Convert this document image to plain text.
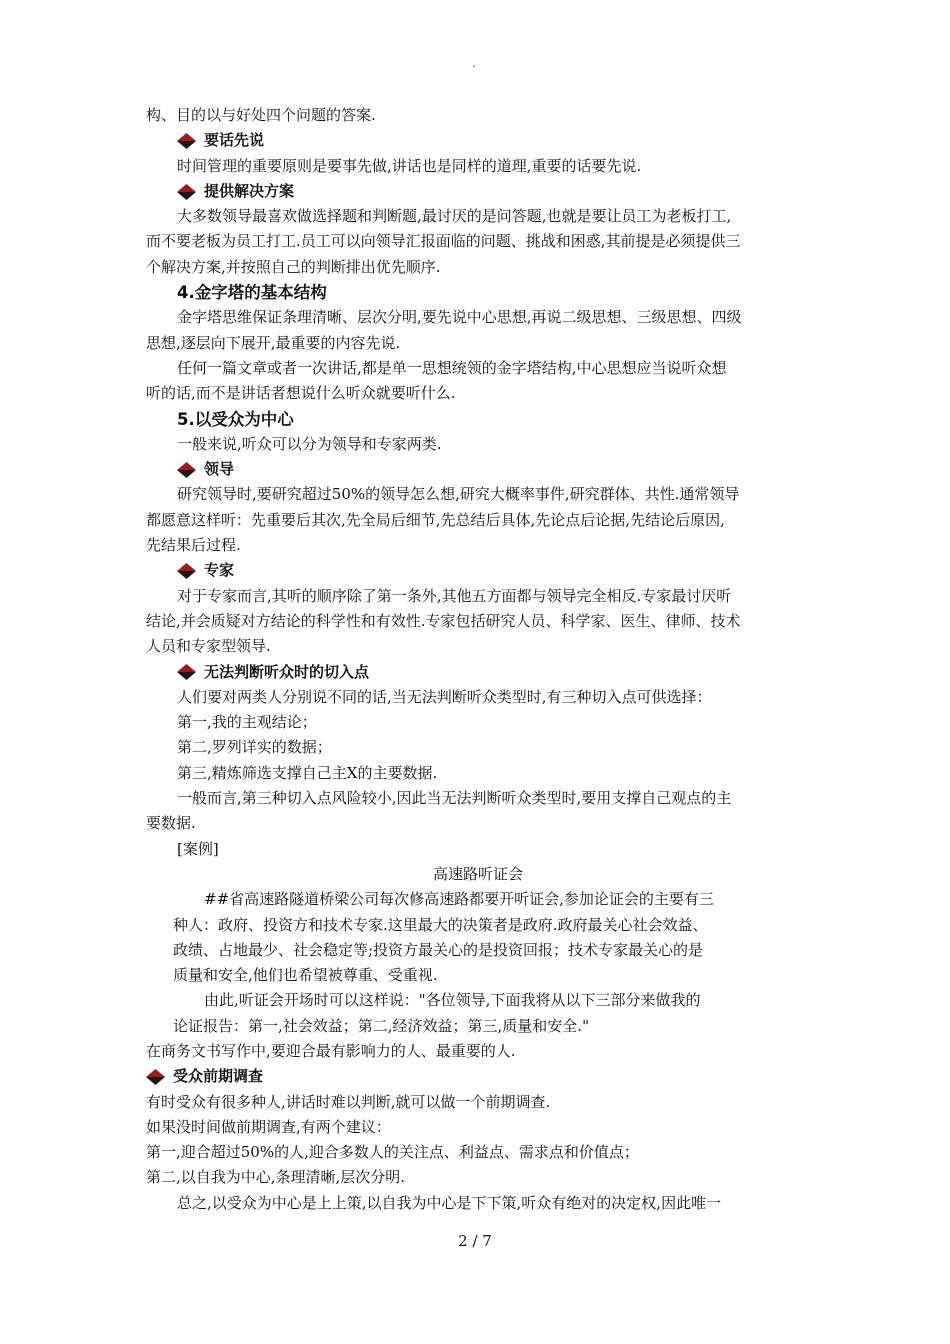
.
构、目的以与好处四个问题的答案.
要话先说
时间管理的重要原则是要事先做,讲话也是同样的道理,重要的话要先说.
提供解决方案
大多数领导最喜欢做选择题和判断题,最讨厌的是问答题,也就是要让员工为老板打工,
而不要老板为员工打工.员工可以向领导汇报面临的问题、挑战和困惑,其前提是必须提供三
个解决方案,并按照自己的判断排出优先顺序.
4.金字塔的基本结构
金字塔思维保证条理清晰、层次分明,要先说中心思想,再说二级思想、三级思想、四级
思想,逐层向下展开,最重要的内容先说.
任何一篇文章或者一次讲话,都是单一思想统领的金字塔结构,中心思想应当说听众想
听的话,而不是讲话者想说什么听众就要听什么.
5.以受众为中心
一般来说,听众可以分为领导和专家两类.
领导
研究领导时,要研究超过50%的领导怎么想,研究大概率事件,研究群体、共性.通常领导
都愿意这样听：先重要后其次,先全局后细节,先总结后具体,先论点后论据,先结论后原因,
先结果后过程.
专家
对于专家而言,其听的顺序除了第一条外,其他五方面都与领导完全相反.专家最讨厌听
结论,并会质疑对方结论的科学性和有效性.专家包括研究人员、科学家、医生、律师、技术
人员和专家型领导.
无法判断听众时的切入点
人们要对两类人分别说不同的话,当无法判断听众类型时,有三种切入点可供选择：
第一,我的主观结论；
第二,罗列详实的数据；
第三,精炼筛选支撑自己主X的主要数据.
一般而言,第三种切入点风险较小,因此当无法判断听众类型时,要用支撑自己观点的主
要数据.
[案例]
高速路听证会
##省高速路隧道桥梁公司每次修高速路都要开听证会,参加论证会的主要有三
种人：政府、投资方和技术专家.这里最大的决策者是政府.政府最关心社会效益、
政绩、占地最少、社会稳定等;投资方最关心的是投资回报；技术专家最关心的是
质量和安全,他们也希望被尊重、受重视.
由此,听证会开场时可以这样说："各位领导,下面我将从以下三部分来做我的
论证报告：第一,社会效益；第二,经济效益；第三,质量和安全."
在商务文书写作中,要迎合最有影响力的人、最重要的人.
受众前期调查
有时受众有很多种人,讲话时难以判断,就可以做一个前期调查.
如果没时间做前期调查,有两个建议：
第一,迎合超过50%的人,迎合多数人的关注点、利益点、需求点和价值点；
第二,以自我为中心,条理清晰,层次分明.
总之,以受众为中心是上上策,以自我为中心是下下策,听众有绝对的决定权,因此唯一
2 / 7
